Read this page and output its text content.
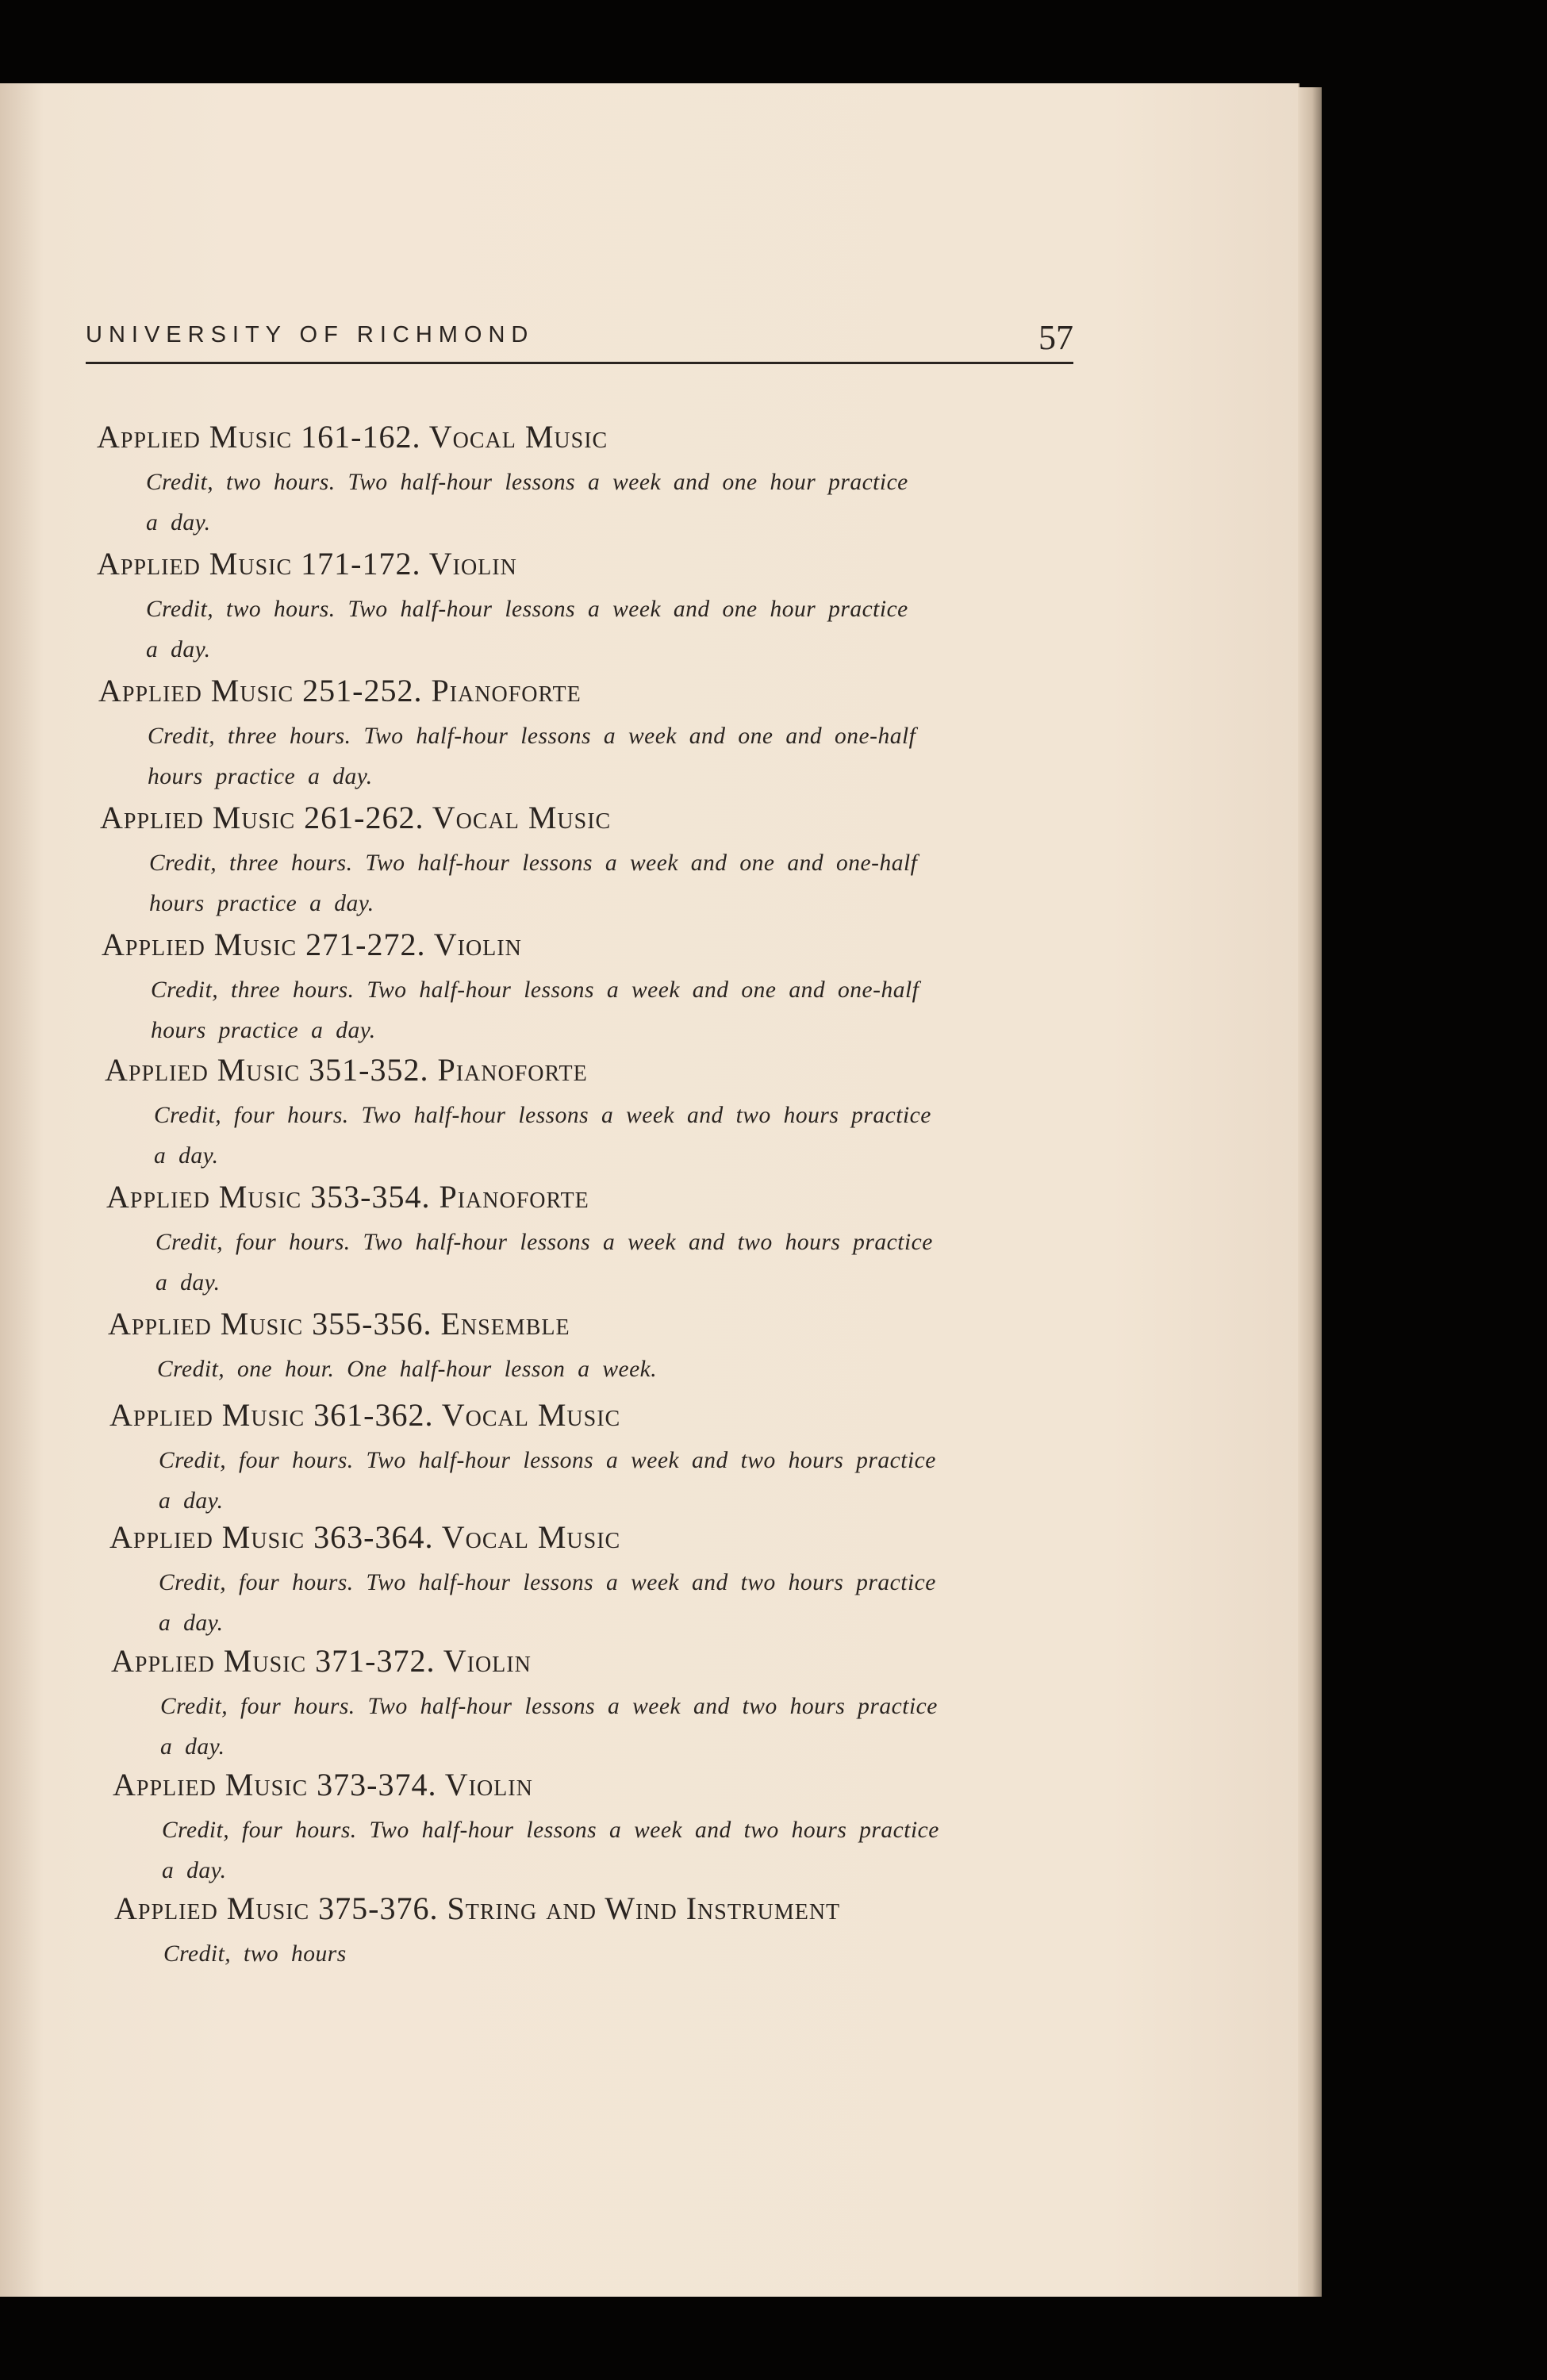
UNIVERSITY OF RICHMOND	57
Applied Music 161-162. Vocal Music
Credit, two hours. Two half-hour lessons a week and one hour practice
a day.
Applied Music 171-172. Violin
Credit, two hours. Two half-hour lessons a week and one hour practice
a day.
Applied Music 251-252. Pianoforte
Credit, three hours. Two half-hour lessons a week and one and one-half
hours practice a day.
Applied Music 261-262. Vocal Music
Credit, three hours. Two half-hour lessons a week and one and one-half
hours practice a day.
Applied Music 271-272. Violin
Credit, three hours. Two half-hour lessons a week and one and one-half
hours practice a day.
Applied Music 351-352. Pianoforte
Credit, four hours. Two half-hour lessons a week and two hours practice
a day.
Applied Music 353-354. Pianoforte
Credit, four hours. Two half-hour lessons a week and two hours practice
a day.
Applied Music 355-356. Ensemble
Credit, one hour. One half-hour lesson a week.
Applied Music 361-362. Vocal Music
Credit, four hours. Two half-hour lessons a week and two hours practice
a day.
Applied Music 363-364. Vocal Music
Credit, four hours. Two half-hour lessons a week and two hours practice
a day.
Applied Music 371-372. Violin
Credit, four hours. Two half-hour lessons a week and two hours practice
a day.
Applied Music 373-374. Violin
Credit, four hours. Two half-hour lessons a week and two hours practice
a day.
Applied Music 375-376. String and Wind Instrument
Credit, two hours
